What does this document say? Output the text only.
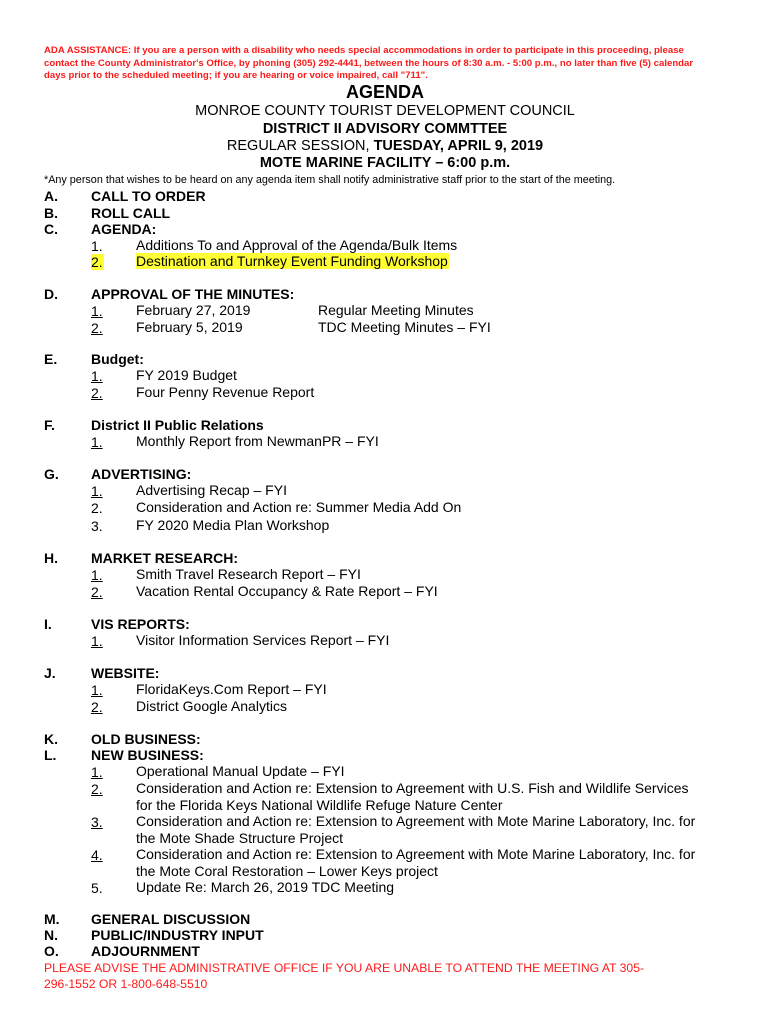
ADA ASSISTANCE: If you are a person with a disability who needs special accommodations in order to participate in this proceeding, please contact the County Administrator's Office, by phoning (305) 292-4441, between the hours of 8:30 a.m. - 5:00 p.m., no later than five (5) calendar days prior to the scheduled meeting; if you are hearing or voice impaired, call "711".
AGENDA
MONROE COUNTY TOURIST DEVELOPMENT COUNCIL
DISTRICT II ADVISORY COMMTTEE
REGULAR SESSION, TUESDAY, APRIL 9, 2019
MOTE MARINE FACILITY – 6:00 p.m.
*Any person that wishes to be heard on any agenda item shall notify administrative staff prior to the start of the meeting.
A. CALL TO ORDER
B. ROLL CALL
C. AGENDA:
1. Additions To and Approval of the Agenda/Bulk Items
2. Destination and Turnkey Event Funding Workshop
D. APPROVAL OF THE MINUTES:
1. February 27, 2019	Regular Meeting Minutes
2. February 5, 2019	TDC Meeting Minutes – FYI
E. Budget:
1. FY 2019 Budget
2. Four Penny Revenue Report
F.	District II Public Relations
1. Monthly Report from NewmanPR – FYI
G. ADVERTISING:
1. Advertising Recap – FYI
2. Consideration and Action re: Summer Media Add On
3. FY 2020 Media Plan Workshop
H. MARKET RESEARCH:
1. Smith Travel Research Report – FYI
2. Vacation Rental Occupancy & Rate Report – FYI
I.	VIS REPORTS:
1. Visitor Information Services Report – FYI
J.	WEBSITE:
1. FloridaKeys.Com Report – FYI
2. District Google Analytics
K. OLD BUSINESS:
L. NEW BUSINESS:
1. Operational Manual Update – FYI
2. Consideration and Action re: Extension to Agreement with U.S. Fish and Wildlife Services
for the Florida Keys National Wildlife Refuge Nature Center
3. Consideration and Action re: Extension to Agreement with Mote Marine Laboratory, Inc. for
the Mote Shade Structure Project
4. Consideration and Action re: Extension to Agreement with Mote Marine Laboratory, Inc. for
the Mote Coral Restoration – Lower Keys project
5. Update Re: March 26, 2019 TDC Meeting
M. GENERAL DISCUSSION
N. PUBLIC/INDUSTRY INPUT
O. ADJOURNMENT
PLEASE ADVISE THE ADMINISTRATIVE OFFICE IF YOU ARE UNABLE TO ATTEND THE MEETING AT 305-
296-1552 OR 1-800-648-5510
